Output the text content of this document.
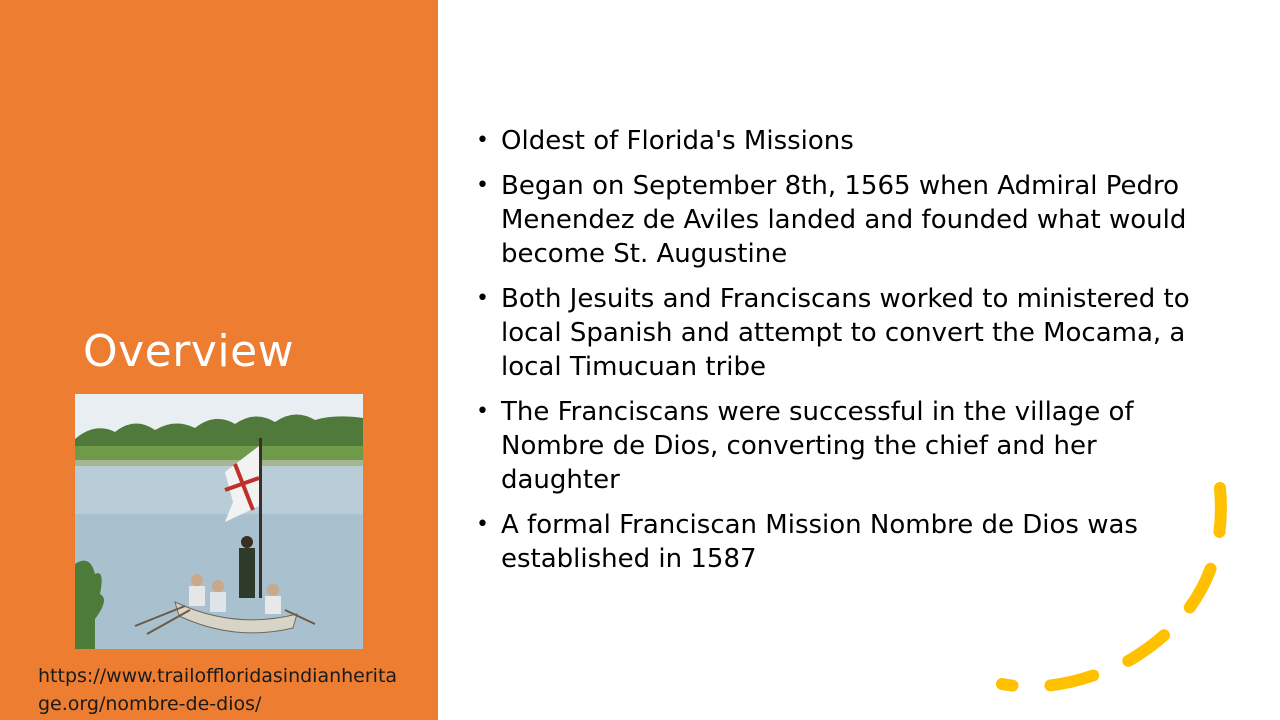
Overview
https://www.trailoffloridasindianheritage.org/nombre-de-dios/
• Oldest of Florida's Missions
• Began on September 8th, 1565 when Admiral Pedro Menendez de Aviles landed and founded what would become St. Augustine
• Both Jesuits and Franciscans worked to ministered to local Spanish and attempt to convert the Mocama, a local Timucuan tribe
• The Franciscans were successful in the village of Nombre de Dios, converting the chief and her daughter
• A formal Franciscan Mission Nombre de Dios was established in 1587
